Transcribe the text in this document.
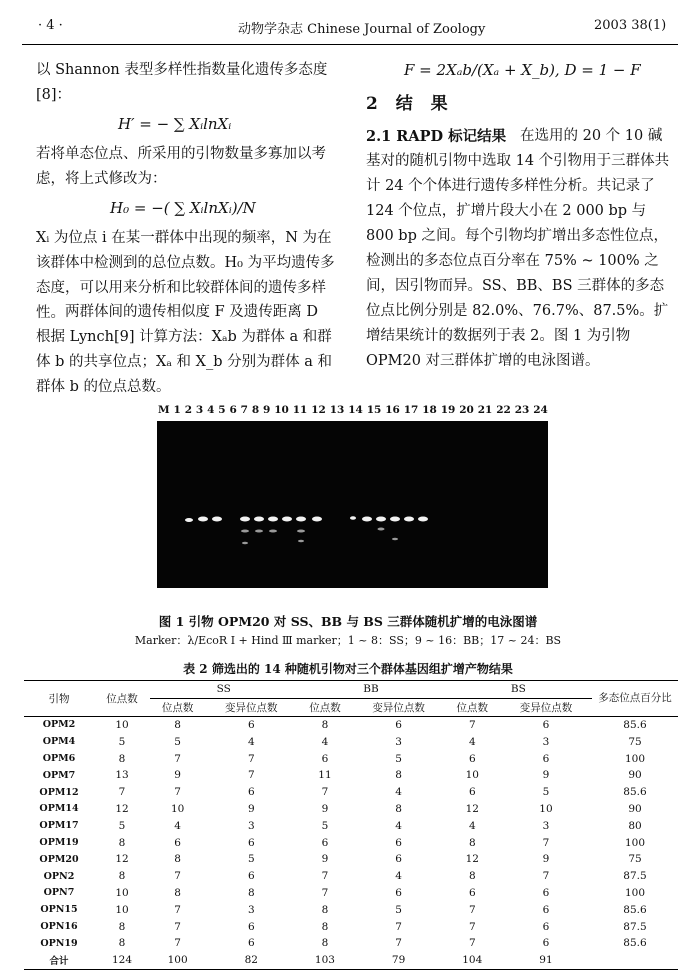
· 4 ·	动物学杂志 Chinese Journal of Zoology	2003 38(1)
以 Shannon 表型多样性指数量化遗传多态度[8]：
H′ = − ∑ XᵢlnXᵢ
若将单态位点、所采用的引物数量多寡加以考虑，将上式修改为：
H₀ = −( ∑ XᵢlnXᵢ)/N
Xᵢ 为位点 i 在某一群体中出现的频率，N 为在该群体中检测到的总位点数。H₀ 为平均遗传多态度，可以用来分析和比较群体间的遗传多样性。 两群体间的遗传相似度 F 及遗传距离 D 根据 Lynch[9] 计算方法：Xₐb 为群体 a 和群体 b 的共享位点；Xₐ 和 X_b 分别为群体 a 和群体 b 的位点总数。
F = 2Xₐb/(Xₐ + X_b), D = 1 − F
2 结 果
2.1 RAPD 标记结果 在选用的 20 个 10 碱基对的随机引物中选取 14 个引物用于三群体共计 24 个个体进行遗传多样性分析。共记录了 124 个位点，扩增片段大小在 2 000 bp 与 800 bp 之间。每个引物均扩增出多态性位点，检测出的多态位点百分率在 75% ~ 100% 之间，因引物而异。SS、BB、BS 三群体的多态位点比例分别是 82.0%、76.7%、87.5%。扩增结果统计的数据列于表 2。图 1 为引物 OPM20 对三群体扩增的电泳图谱。
M 1 2 3 4 5 6 7 8 9 10 11 12 13 14 15 16 17 18 19 20 21 22 23 24
图 1 引物 OPM20 对 SS、BB 与 BS 三群体随机扩增的电泳图谱
Marker：λ/EcoR Ⅰ + Hind Ⅲ marker；1 ~ 8：SS；9 ~ 16：BB；17 ~ 24：BS
表 2 筛选出的 14 种随机引物对三个群体基因组扩增产物结果
引物	位点数	SS		BB		BS		多态位点百分比
		位点数	变异位点数	位点数	变异位点数	位点数	变异位点数	
OPM2	10	8	6	8	6	7	6	85.6
OPM4	5	5	4	4	3	4	3	75
OPM6	8	7	7	6	5	6	6	100
OPM7	13	9	7	11	8	10	9	90
OPM12	7	7	6	7	4	6	5	85.6
OPM14	12	10	9	9	8	12	10	90
OPM17	5	4	3	5	4	4	3	80
OPM19	8	6	6	6	6	8	7	100
OPM20	12	8	5	9	6	12	9	75
OPN2	8	7	6	7	4	8	7	87.5
OPN7	10	8	8	7	6	6	6	100
OPN15	10	7	3	8	5	7	6	85.6
OPN16	8	7	6	8	7	7	6	87.5
OPN19	8	7	6	8	7	7	6	85.6
合计	124	100	82	103	79	104	91	
